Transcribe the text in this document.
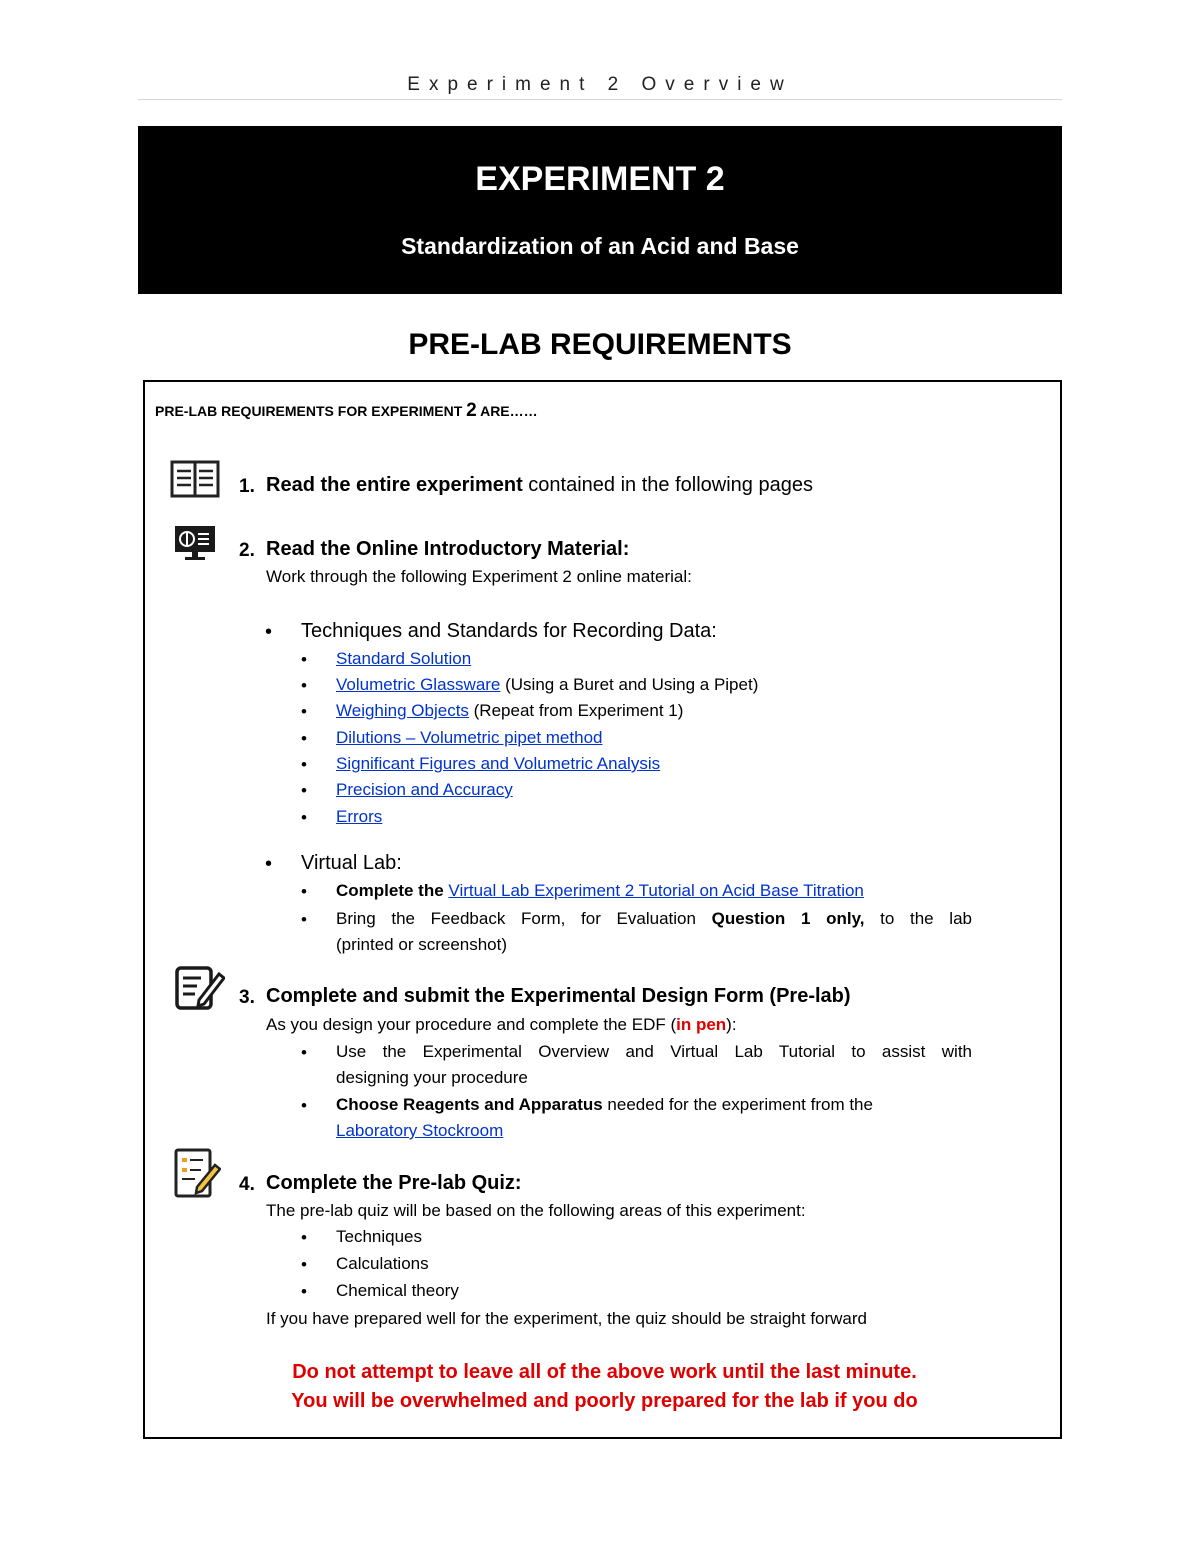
Experiment 2 Overview
EXPERIMENT 2
Standardization of an Acid and Base
PRE-LAB REQUIREMENTS
PRE-LAB REQUIREMENTS FOR EXPERIMENT 2 ARE……
1. Read the entire experiment contained in the following pages
2. Read the Online Introductory Material:
Work through the following Experiment 2 online material:
• Techniques and Standards for Recording Data:
• Standard Solution
• Volumetric Glassware (Using a Buret and Using a Pipet)
• Weighing Objects (Repeat from Experiment 1)
• Dilutions – Volumetric pipet method
• Significant Figures and Volumetric Analysis
• Precision and Accuracy
• Errors
• Virtual Lab:
• Complete the Virtual Lab Experiment 2 Tutorial on Acid Base Titration
• Bring the Feedback Form, for Evaluation Question 1 only, to the lab
(printed or screenshot)
3. Complete and submit the Experimental Design Form (Pre-lab)
As you design your procedure and complete the EDF (in pen):
• Use the Experimental Overview and Virtual Lab Tutorial to assist with
designing your procedure
• Choose Reagents and Apparatus needed for the experiment from the
Laboratory Stockroom
4. Complete the Pre-lab Quiz:
The pre-lab quiz will be based on the following areas of this experiment:
• Techniques
• Calculations
• Chemical theory
If you have prepared well for the experiment, the quiz should be straight forward
Do not attempt to leave all of the above work until the last minute.
You will be overwhelmed and poorly prepared for the lab if you do
